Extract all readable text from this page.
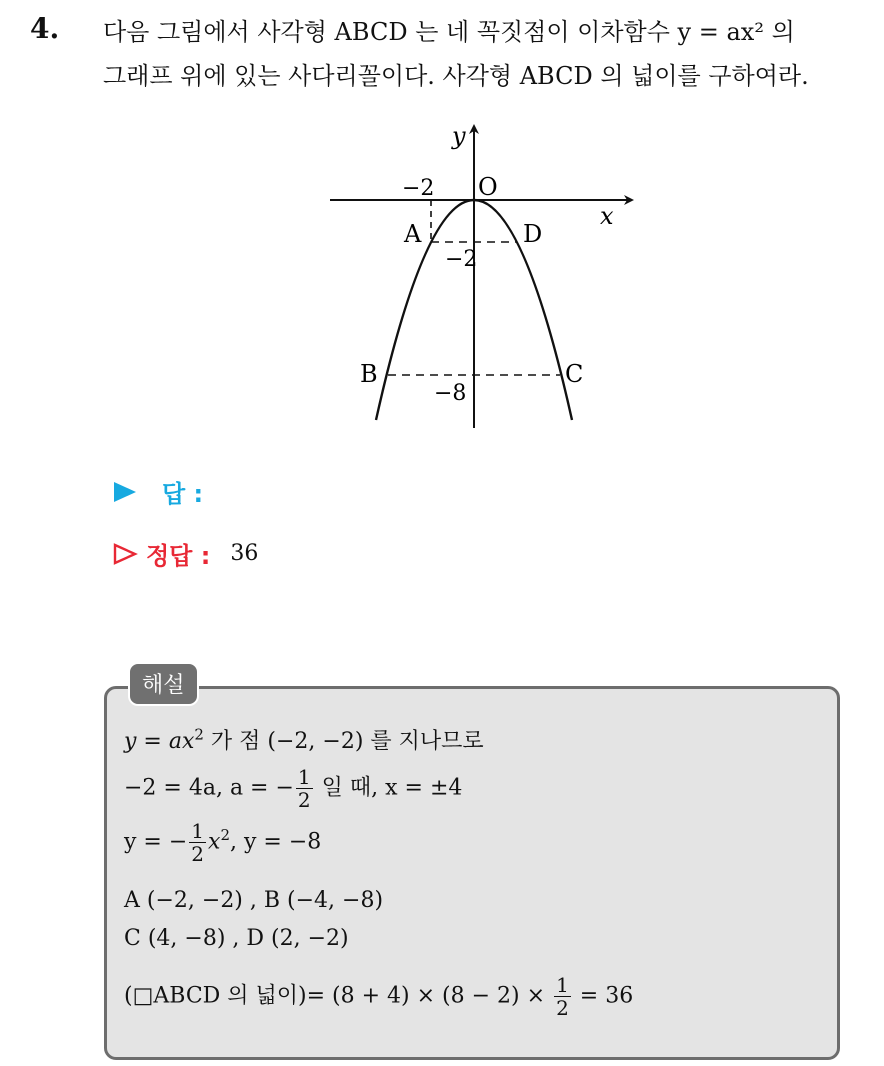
4. 다음 그림에서 사각형 ABCD 는 네 꼭짓점이 이차함수 y = ax² 의
그래프 위에 있는 사다리꼴이다. 사각형 ABCD 의 넓이를 구하여라.
y
x
O
−2
−2
−8
A	D
B	C
답 :
정답 : 36
해설
$y = ax^2$ 가 점 (−2, −2) 를 지나므로
−2 = 4a, a = − $\frac{1}{2}$ 일 때, x = ±4
y = − $\frac{1}{2} x^2$, y = −8
A (−2, −2) , B (−4, −8)
C (4, −8) , D (2, −2)
(□ABCD 의 넓이)= $(8 + 4) \times (8 - 2) \times \frac{1}{2} = 36$
